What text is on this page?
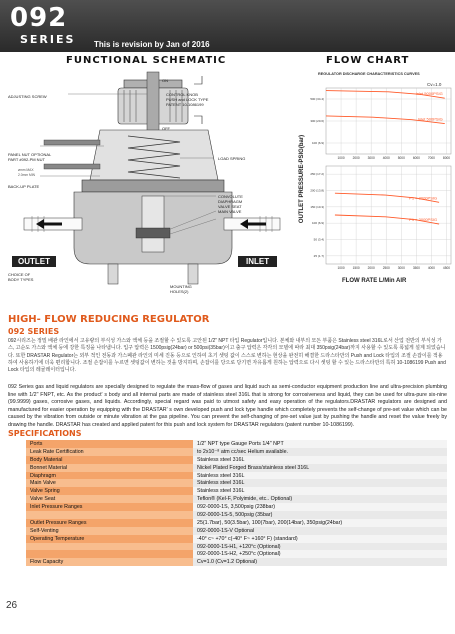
092
SERIES This is revision by Jan of 2016
FUNCTIONAL SCHEMATIC	FLOW CHART
ADJUSTING SCREW
ON
OFF
CONTROL KNOB
PUSH and LOCK TYPE
PATENT 10-1086199
PANEL NUT OPTIONAL
PART #092-PM NUT
ømm MAX
2.0mm MIN
BACK-UP PLATE
LOAD SPRING
CONVOLUTE
DIAPHRAGM
VALVE SEAT
MAIN VALVE
OUTLET
CHOICE OF
BODY TYPES
INLET
MOUNTING
HOLES(2)
1000 2000 3000 4000 5000 6000 7000 8000
500 (34.4)
300 (20.6)
100 (6.9)
Inlet 5000PSIG
Inlet 500PSIG
1000 1500 2000 2500 3000 3500 4000 4500
250 (17.2)
200 (13.8)
150 (10.3)
100 (6.9)
50 (3.4)
25 (1.7)
P1 = 3000PSIG
P1 = 3000PSIG
REGULATOR DISCHARGE CHARACTERISTICS CURVES
Cv=1.0
OUTLET PRESSURE-PSIG(bar)
FLOW RATE L/Min AIR
HIGH- FLOW REDUCING REGULATOR
092 SERIES
092시리즈는 정밀 배관 라인에서 고유량의 부식성 가스와 액체 등을 조절할 수 있도록 고안된 1/2" NPT 타입 Regulator입니다. 본체와 내부의 모든 부품은 Stainless steel 316L로서 산업 전반의 부식성 가스, 고순도 가스와 액체 등에 강한 특징을 나타냅니다. 입구 압력은 1500psig(24bar) or 500psi(35bar)이고 출구 압력은 각각의 모델에 따라 최대 350psig(24bar)까지 사용할 수 있도록 폭넓게 설계 되었습니다. 또한 DRASTAR Regulator는 외부 적인 전동과 가스폐관 라인의 미세 진동 등으로 인하여 초기 셋팅 값이 스스로 변하는 현상을 완전히 해결한 드라스타만의 Push and Lock 타입의 조절 손잡이를 적용하여 사용하기에 더욱 편리합니다. 조절 손잡이를 누르면 셋팅값이 변하는 것을 방지하며, 손잡이를 당으로 당기면 자유롭게 원하는 압력으로 다시 셋팅 할 수 있는 드라스타만의 특허 10-1086199 Push and Lock 타입의 레귤레이터입니다.
092 Series gas and liquid regulators are specially designed to regulate the mass-flow of gases and liquid such as semi-conductor equipment production line and ultra-precision plumbing line with 1/2" FNPT, etc. As the product' s body and all internal parts are made of stainless steel 316L that is strong for corrosiveness and liquid, they can be used for ultra-pure six-nine (99.9999) gases, corrosive gases, and liquids. Accordingly, special regard was paid to utmost safety and easy operation of the regulators.DRASTAR regulators are designed and manufactured for easier operation by equipping with the DRASTAR' s own developed push and lock type handle which completely prevents the self-change of pre-set value which can be caused by the vibration from outside or minute vibration at the gas pipeline. You can prevent the self-changing of pre-set value just by pushing the handle and reset the value freely by drawing the handle. DRASTAR has created and applied patent for this push and lock system for DRASTAR regulators (patent number 10-1086199).
SPECIFICATIONS
Ports	1/2" NPT type Gauge Ports 1/4" NPT
Leak Rate Certification	to 2x10⁻⁸ atm cc/sec Helium available.
Body Material	Stainless steel 316L
Bonnet Material	Nickel Plated Forged Brass/stainless steel 316L
Diaphragm	Stainless steel 316L
Main Valve	Stainless steel 316L
Valve Spring	Stainless steel 316L
Valve Seat	Teflon® (Kel-F, Polyimide, etc.. Optional)
Inlet Pressure Ranges	092-0000-1S, 3,500psig (238bar)
	092-0000-1S-5, 500psig (35bar)
Outlet Pressure Ranges	25(1.7bar), 50(3.5bar), 100(7bar), 200(14bar), 350psig(24bar)
Self-Venting	092-0000-1S-V Optional
Operating Temperature	-40° c~ +70° c(-40° F~ +160° F) (standard)
	092-0000-1S-H1, +120°c (Optional)
	092-0000-1S-H2, +250°c (Optional)
Flow Capacity	Cv=1.0 (Cv=1.2 Optional)
26
